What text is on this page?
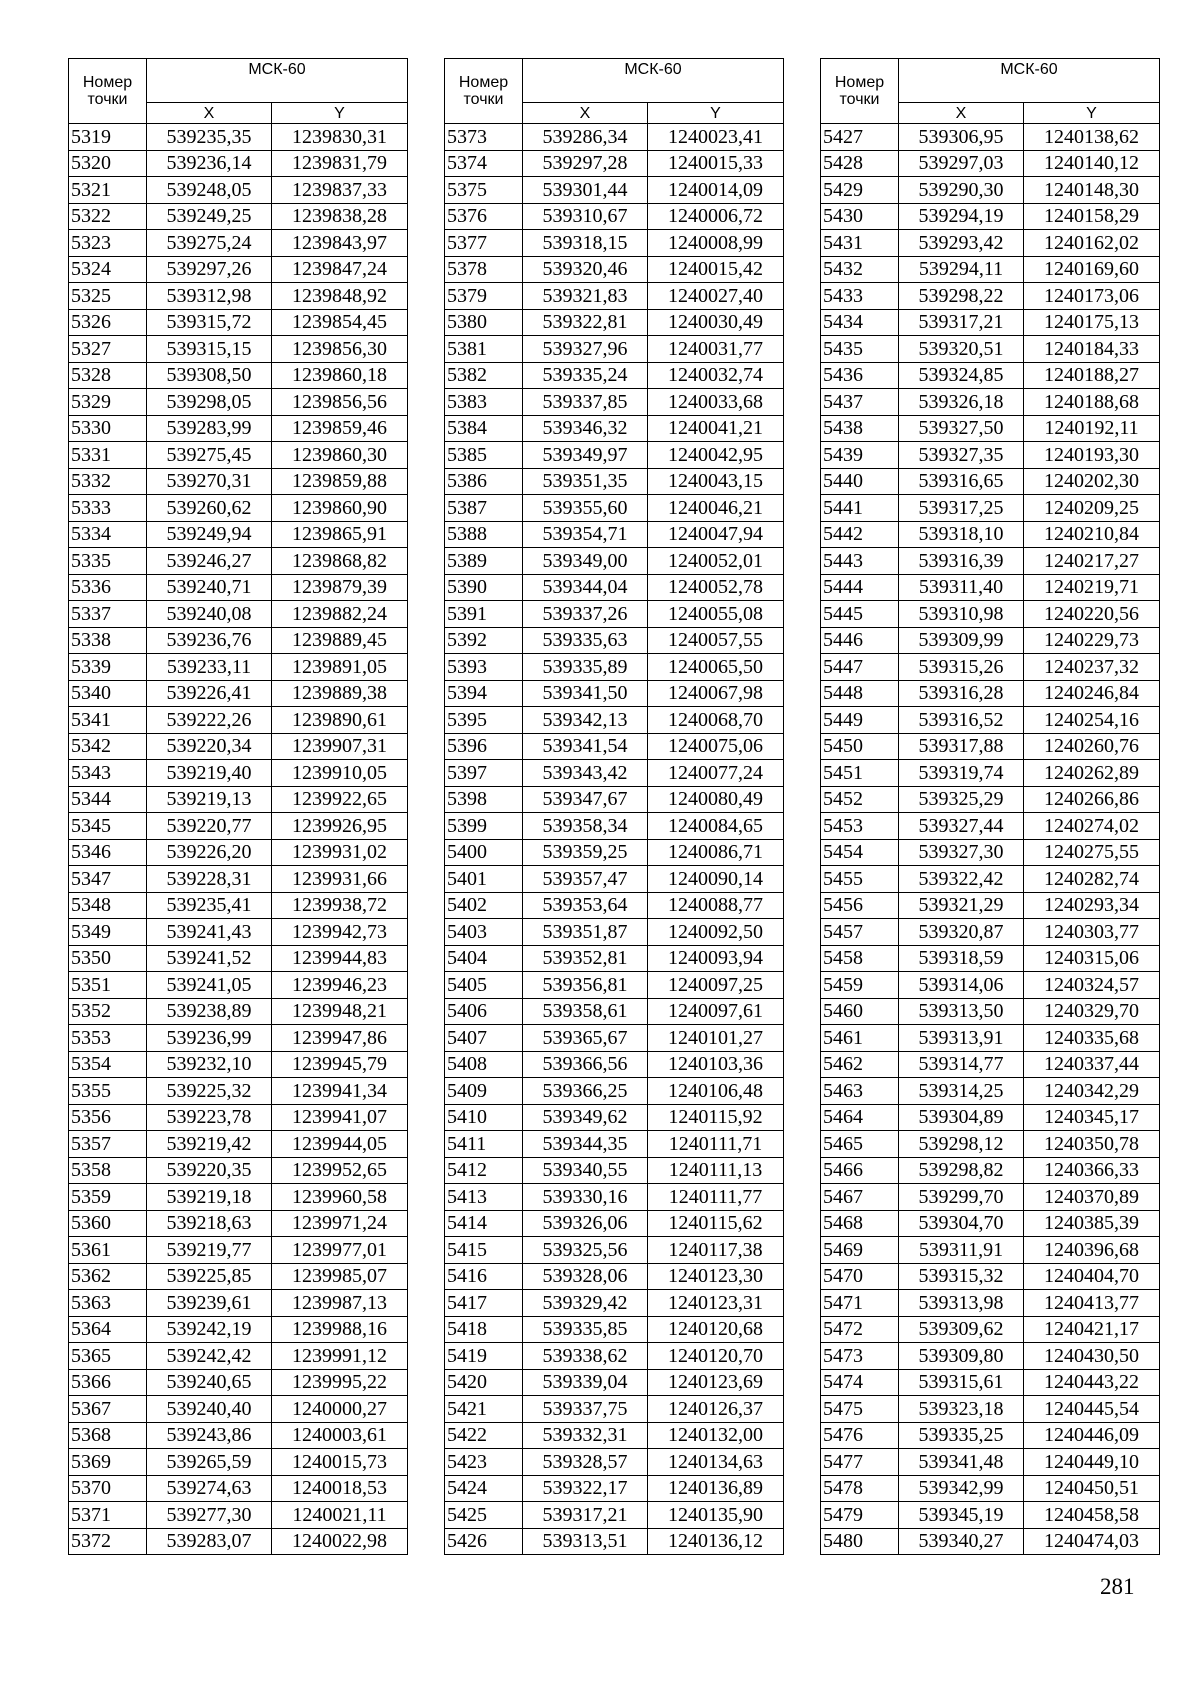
Номер точки	МСК-60	
	X	Y
5319	539235,35	1239830,31
5320	539236,14	1239831,79
5321	539248,05	1239837,33
5322	539249,25	1239838,28
5323	539275,24	1239843,97
5324	539297,26	1239847,24
5325	539312,98	1239848,92
5326	539315,72	1239854,45
5327	539315,15	1239856,30
5328	539308,50	1239860,18
5329	539298,05	1239856,56
5330	539283,99	1239859,46
5331	539275,45	1239860,30
5332	539270,31	1239859,88
5333	539260,62	1239860,90
5334	539249,94	1239865,91
5335	539246,27	1239868,82
5336	539240,71	1239879,39
5337	539240,08	1239882,24
5338	539236,76	1239889,45
5339	539233,11	1239891,05
5340	539226,41	1239889,38
5341	539222,26	1239890,61
5342	539220,34	1239907,31
5343	539219,40	1239910,05
5344	539219,13	1239922,65
5345	539220,77	1239926,95
5346	539226,20	1239931,02
5347	539228,31	1239931,66
5348	539235,41	1239938,72
5349	539241,43	1239942,73
5350	539241,52	1239944,83
5351	539241,05	1239946,23
5352	539238,89	1239948,21
5353	539236,99	1239947,86
5354	539232,10	1239945,79
5355	539225,32	1239941,34
5356	539223,78	1239941,07
5357	539219,42	1239944,05
5358	539220,35	1239952,65
5359	539219,18	1239960,58
5360	539218,63	1239971,24
5361	539219,77	1239977,01
5362	539225,85	1239985,07
5363	539239,61	1239987,13
5364	539242,19	1239988,16
5365	539242,42	1239991,12
5366	539240,65	1239995,22
5367	539240,40	1240000,27
5368	539243,86	1240003,61
5369	539265,59	1240015,73
5370	539274,63	1240018,53
5371	539277,30	1240021,11
5372	539283,07	1240022,98
Номер точки	МСК-60	
	X	Y
5373	539286,34	1240023,41
5374	539297,28	1240015,33
5375	539301,44	1240014,09
5376	539310,67	1240006,72
5377	539318,15	1240008,99
5378	539320,46	1240015,42
5379	539321,83	1240027,40
5380	539322,81	1240030,49
5381	539327,96	1240031,77
5382	539335,24	1240032,74
5383	539337,85	1240033,68
5384	539346,32	1240041,21
5385	539349,97	1240042,95
5386	539351,35	1240043,15
5387	539355,60	1240046,21
5388	539354,71	1240047,94
5389	539349,00	1240052,01
5390	539344,04	1240052,78
5391	539337,26	1240055,08
5392	539335,63	1240057,55
5393	539335,89	1240065,50
5394	539341,50	1240067,98
5395	539342,13	1240068,70
5396	539341,54	1240075,06
5397	539343,42	1240077,24
5398	539347,67	1240080,49
5399	539358,34	1240084,65
5400	539359,25	1240086,71
5401	539357,47	1240090,14
5402	539353,64	1240088,77
5403	539351,87	1240092,50
5404	539352,81	1240093,94
5405	539356,81	1240097,25
5406	539358,61	1240097,61
5407	539365,67	1240101,27
5408	539366,56	1240103,36
5409	539366,25	1240106,48
5410	539349,62	1240115,92
5411	539344,35	1240111,71
5412	539340,55	1240111,13
5413	539330,16	1240111,77
5414	539326,06	1240115,62
5415	539325,56	1240117,38
5416	539328,06	1240123,30
5417	539329,42	1240123,31
5418	539335,85	1240120,68
5419	539338,62	1240120,70
5420	539339,04	1240123,69
5421	539337,75	1240126,37
5422	539332,31	1240132,00
5423	539328,57	1240134,63
5424	539322,17	1240136,89
5425	539317,21	1240135,90
5426	539313,51	1240136,12
Номер точки	МСК-60	
	X	Y
5427	539306,95	1240138,62
5428	539297,03	1240140,12
5429	539290,30	1240148,30
5430	539294,19	1240158,29
5431	539293,42	1240162,02
5432	539294,11	1240169,60
5433	539298,22	1240173,06
5434	539317,21	1240175,13
5435	539320,51	1240184,33
5436	539324,85	1240188,27
5437	539326,18	1240188,68
5438	539327,50	1240192,11
5439	539327,35	1240193,30
5440	539316,65	1240202,30
5441	539317,25	1240209,25
5442	539318,10	1240210,84
5443	539316,39	1240217,27
5444	539311,40	1240219,71
5445	539310,98	1240220,56
5446	539309,99	1240229,73
5447	539315,26	1240237,32
5448	539316,28	1240246,84
5449	539316,52	1240254,16
5450	539317,88	1240260,76
5451	539319,74	1240262,89
5452	539325,29	1240266,86
5453	539327,44	1240274,02
5454	539327,30	1240275,55
5455	539322,42	1240282,74
5456	539321,29	1240293,34
5457	539320,87	1240303,77
5458	539318,59	1240315,06
5459	539314,06	1240324,57
5460	539313,50	1240329,70
5461	539313,91	1240335,68
5462	539314,77	1240337,44
5463	539314,25	1240342,29
5464	539304,89	1240345,17
5465	539298,12	1240350,78
5466	539298,82	1240366,33
5467	539299,70	1240370,89
5468	539304,70	1240385,39
5469	539311,91	1240396,68
5470	539315,32	1240404,70
5471	539313,98	1240413,77
5472	539309,62	1240421,17
5473	539309,80	1240430,50
5474	539315,61	1240443,22
5475	539323,18	1240445,54
5476	539335,25	1240446,09
5477	539341,48	1240449,10
5478	539342,99	1240450,51
5479	539345,19	1240458,58
5480	539340,27	1240474,03
281
